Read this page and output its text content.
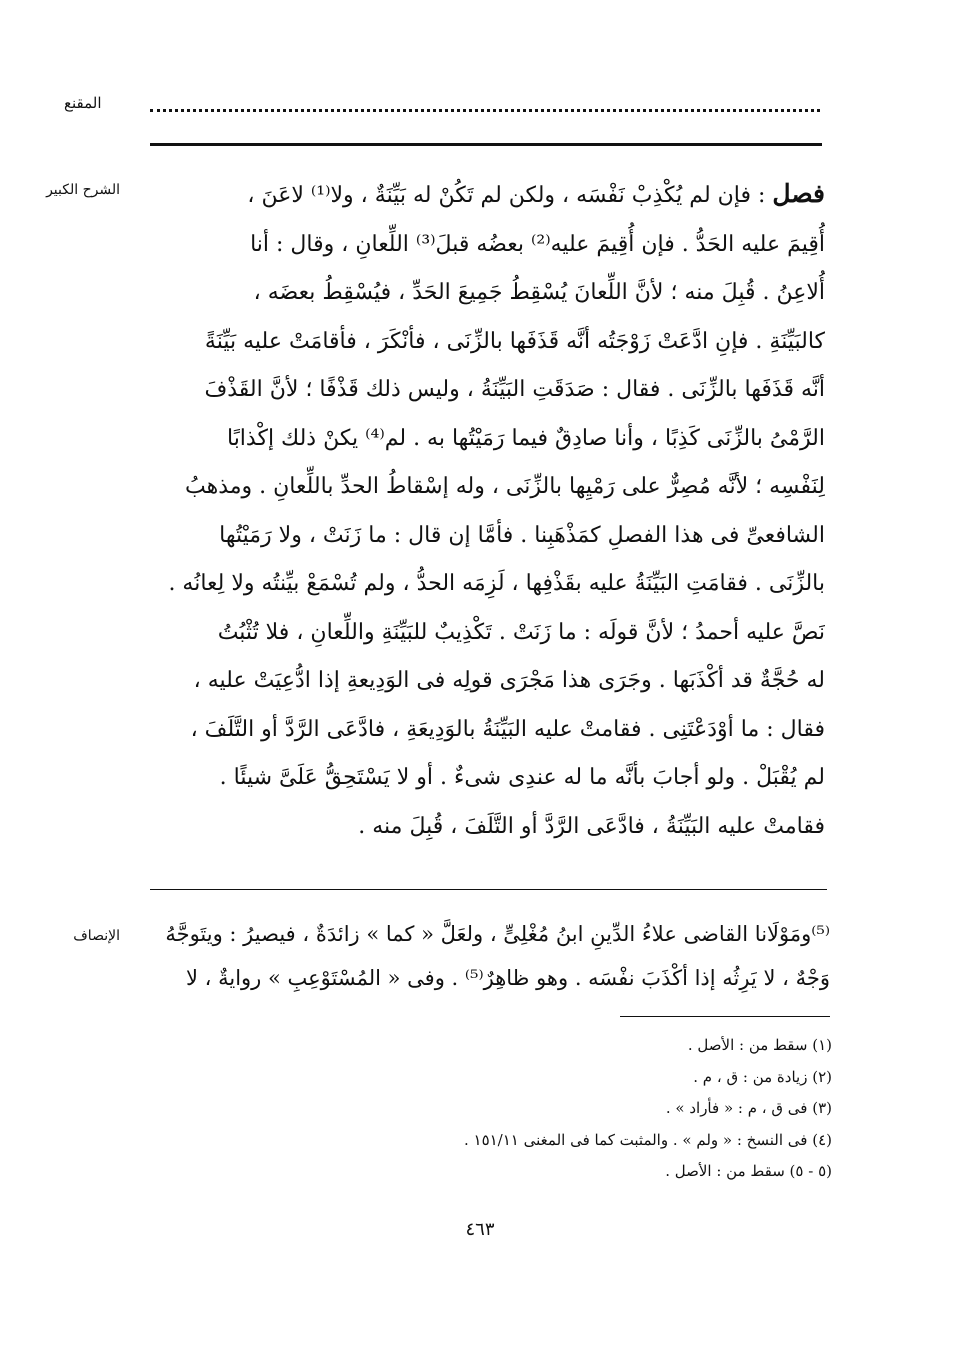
المقنع
الشرح الكبير
الإنصاف
فصل : فإن لم يُكْذِبْ نَفْسَه ، ولكن لم تَكُنْ له بَيِّنَةٌ ، ولا⁽¹⁾ لاعَنَ ،
أُقِيمَ عليه الحَدُّ . فإن أُقِيمَ عليه⁽²⁾ بعضُه قبلَ⁽³⁾ اللِّعانِ ، وقال : أنا
أُلاعِنُ . قُبِلَ منه ؛ لأنَّ اللِّعانَ يُسْقِطُ جَمِيعَ الحَدِّ ، فيُسْقِطُ بعضَه ،
كالبَيِّنَةِ . فإنِ ادَّعَتْ زَوْجَتُه أنَّه قَذَفَها بالزِّنَى ، فأنْكَرَ ، فأقامَتْ عليه بَيِّنَةً
أنَّه قَذَفَها بالزِّنَى . فقال : صَدَقَتِ البَيِّنَةُ ، وليس ذلك قَذْفًا ؛ لأنَّ القَذْفَ
الرَّمْىُ بالزِّنَى كَذِبًا ، وأنا صادِقٌ فيما رَمَيْتُها به . لم⁽⁴⁾ يكنْ ذلك إكْذابًا
لِنَفْسِه ؛ لأنَّه مُصِرٌّ على رَمْيِها بالزِّنَى ، وله إسْقاطُ الحدِّ باللِّعانِ . ومذهبُ
الشافعىِّ فى هذا الفصلِ كمَذْهَبِنا . فأمَّا إن قال : ما زَنَتْ ، ولا رَمَيْتُها
بالزِّنَى . فقامَتِ البَيِّنَةُ عليه بقَذْفِها ، لَزِمَه الحدُّ ، ولم تُسْمَعْ بيِّنتُه ولا لِعانُه .
نَصَّ عليه أحمدُ ؛ لأنَّ قولَه : ما زَنَتْ . تَكْذِيبٌ للبَيِّنَةِ واللِّعانِ ، فلا تُثْبُتُ
له حُجَّةٌ قد أكْذَبَها . وجَرَى هذا مَجْرَى قولِه فى الوَدِيعةِ إذا ادُّعِيَتْ عليه ،
فقال : ما أوْدَعْتَنِى . فقامتْ عليه البَيِّنَةُ بالوَدِيعَةِ ، فادَّعَى الرَّدَّ أو التَّلَفَ ،
لم يُقْبَلْ . ولو أجابَ بأنَّه ما له عندِى شىءٌ . أو لا يَسْتَحِقُّ عَلَىَّ شيئًا .
فقامتْ عليه البَيِّنَةُ ، فادَّعَى الرَّدَّ أو التَّلَفَ ، قُبِلَ منه .
⁽⁵⁾ومَوْلَانا القاضى علاءُ الدِّينِ ابنُ مُغْلِىٍّ ، ولعَلَّ « كما » زائدَةٌ ، فيصيرُ : ويتَوجَّهُ
وَجْهٌ ، لا يَرِثُه إذا أكْذَبَ نفْسَه . وهو ظاهِرٌ⁽⁵⁾ . وفى « المُسْتَوْعِبِ » روايةٌ ، لا
(١) سقط من : الأصل .
(٢) زيادة من : ق ، م .
(٣) فى ق ، م : « فأراد » .
(٤) فى النسخ : « ولم » . والمثبت كما فى المغنى ١٥١/١١ .
(٥ - ٥) سقط من : الأصل .
٤٦٣
